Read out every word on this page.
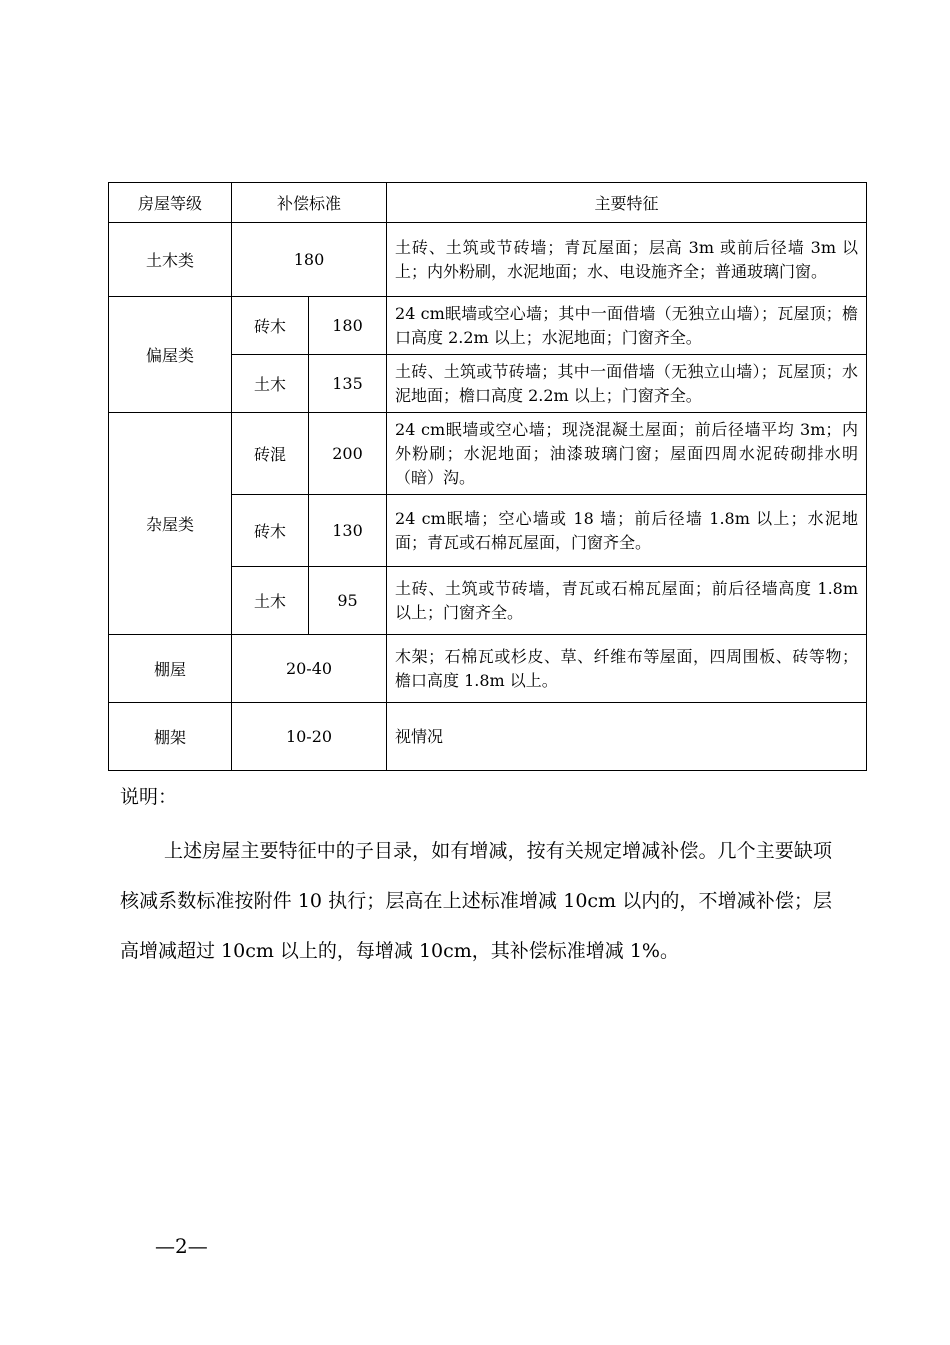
房屋等级	补偿标准		主要特征
土木类	180		土砖、土筑或节砖墙；青瓦屋面；层高 3m 或前后径墙 3m 以上；内外粉刷，水泥地面；水、电设施齐全；普通玻璃门窗。
偏屋类	砖木	180	24 cm眠墙或空心墙；其中一面借墙（无独立山墙）；瓦屋顶；檐口高度 2.2m 以上；水泥地面；门窗齐全。
	土木	135	土砖、土筑或节砖墙；其中一面借墙（无独立山墙）；瓦屋顶；水泥地面；檐口高度 2.2m 以上；门窗齐全。
杂屋类	砖混	200	24 cm眠墙或空心墙；现浇混凝土屋面；前后径墙平均 3m；内外粉刷；水泥地面；油漆玻璃门窗；屋面四周水泥砖砌排水明（暗）沟。
	砖木	130	24 cm眠墙；空心墙或 18 墙；前后径墙 1.8m 以上；水泥地面；青瓦或石棉瓦屋面，门窗齐全。
	土木	95	土砖、土筑或节砖墙，青瓦或石棉瓦屋面；前后径墙高度 1.8m 以上；门窗齐全。
棚屋	20-40		木架；石棉瓦或杉皮、草、纤维布等屋面，四周围板、砖等物；檐口高度 1.8m 以上。
棚架	10-20		视情况
说明：
上述房屋主要特征中的子目录，如有增减，按有关规定增减补偿。几个主要缺项核减系数标准按附件 10 执行；层高在上述标准增减 10cm 以内的，不增减补偿；层高增减超过 10cm 以上的，每增减 10cm，其补偿标准增减 1%。
—2—
